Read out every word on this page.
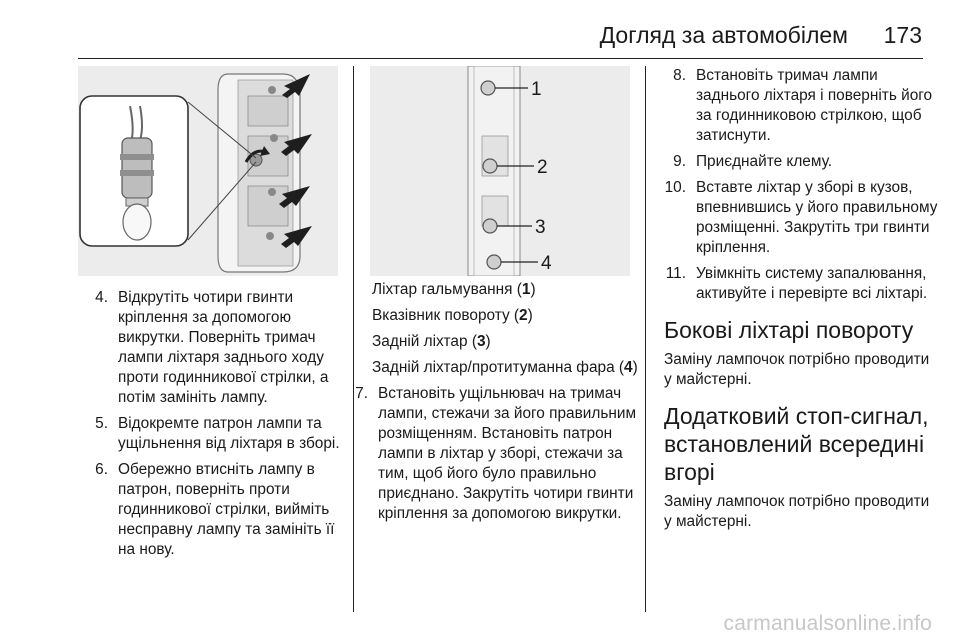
Догляд за автомобілем 173
1
2
3
4
4. Відкрутіть чотири гвинти кріплення за допомогою викрутки. Поверніть тримач лампи ліхтаря заднього ходу проти годинникової стрілки, а потім замініть лампу.
5. Відокремте патрон лампи та ущільнення від ліхтаря в зборі.
6. Обережно втисніть лампу в патрон, поверніть проти годинникової стрілки, вийміть несправну лампу та замініть її на нову.

Ліхтар гальмування (1)

Вказівник повороту (2)

Задній ліхтар (3)

Задній ліхтар/протитуманна фара (4)

7. Встановіть ущільнювач на тримач лампи, стежачи за його правильним розміщенням. Встановіть патрон лампи в ліхтар у зборі, стежачи за тим, щоб його було правильно приєднано. Закрутіть чотири гвинти кріплення за допомогою викрутки.
8. Встановіть тримач лампи заднього ліхтаря і поверніть його за годинниковою стрілкою, щоб затиснути.
9. Приєднайте клему.
10. Вставте ліхтар у зборі в кузов, впевнившись у його правильному розміщенні. Закрутіть три гвинти кріплення.
11. Увімкніть систему запалювання, активуйте і перевірте всі ліхтарі.
Бокові ліхтарі повороту

Заміну лампочок потрібно проводити у майстерні.

Додатковий стоп-сигнал, встановлений всередині вгорі

Заміну лампочок потрібно проводити у майстерні.

carmanualsonline.info
